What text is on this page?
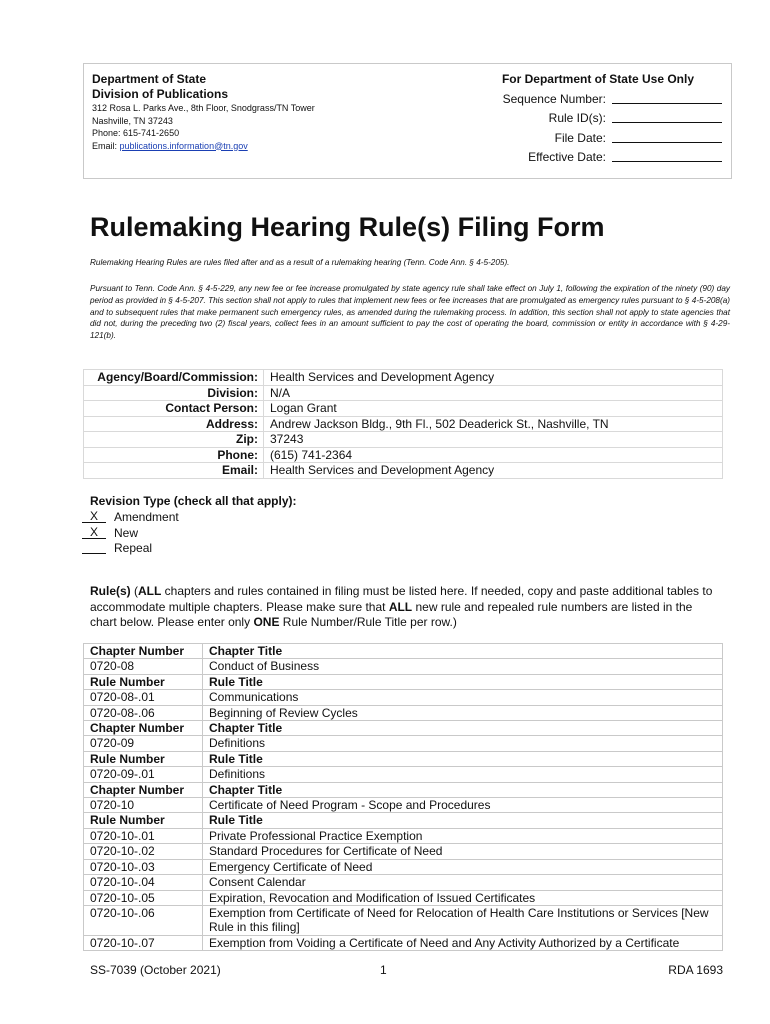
Department of State
Division of Publications
312 Rosa L. Parks Ave., 8th Floor, Snodgrass/TN Tower
Nashville, TN 37243
Phone: 615-741-2650
Email: publications.information@tn.gov
For Department of State Use Only
Sequence Number:
Rule ID(s):
File Date:
Effective Date:
Rulemaking Hearing Rule(s) Filing Form
Rulemaking Hearing Rules are rules filed after and as a result of a rulemaking hearing (Tenn. Code Ann. § 4-5-205).
Pursuant to Tenn. Code Ann. § 4-5-229, any new fee or fee increase promulgated by state agency rule shall take effect on July 1, following the expiration of the ninety (90) day period as provided in § 4-5-207. This section shall not apply to rules that implement new fees or fee increases that are promulgated as emergency rules pursuant to § 4-5-208(a) and to subsequent rules that make permanent such emergency rules, as amended during the rulemaking process. In addition, this section shall not apply to state agencies that did not, during the preceding two (2) fiscal years, collect fees in an amount sufficient to pay the cost of operating the board, commission or entity in accordance with § 4-29-121(b).
Agency/Board/Commission:	Health Services and Development Agency
Division:	N/A
Contact Person:	Logan Grant
Address:	Andrew Jackson Bldg., 9th Fl., 502 Deaderick St., Nashville, TN
Zip:	37243
Phone:	(615) 741-2364
Email:	Health Services and Development Agency
Revision Type (check all that apply):
X	Amendment
X	New
Repeal
Rule(s) (ALL chapters and rules contained in filing must be listed here. If needed, copy and paste additional tables to accommodate multiple chapters. Please make sure that ALL new rule and repealed rule numbers are listed in the chart below. Please enter only ONE Rule Number/Rule Title per row.)
Chapter Number	Chapter Title
0720-08	Conduct of Business
Rule Number	Rule Title
0720-08-.01	Communications
0720-08-.06	Beginning of Review Cycles
Chapter Number	Chapter Title
0720-09	Definitions
Rule Number	Rule Title
0720-09-.01	Definitions
Chapter Number	Chapter Title
0720-10	Certificate of Need Program - Scope and Procedures
Rule Number	Rule Title
0720-10-.01	Private Professional Practice Exemption
0720-10-.02	Standard Procedures for Certificate of Need
0720-10-.03	Emergency Certificate of Need
0720-10-.04	Consent Calendar
0720-10-.05	Expiration, Revocation and Modification of Issued Certificates
0720-10-.06	Exemption from Certificate of Need for Relocation of Health Care Institutions or Services [New Rule in this filing]
0720-10-.07	Exemption from Voiding a Certificate of Need and Any Activity Authorized by a Certificate
SS-7039 (October 2021)	1	RDA 1693
